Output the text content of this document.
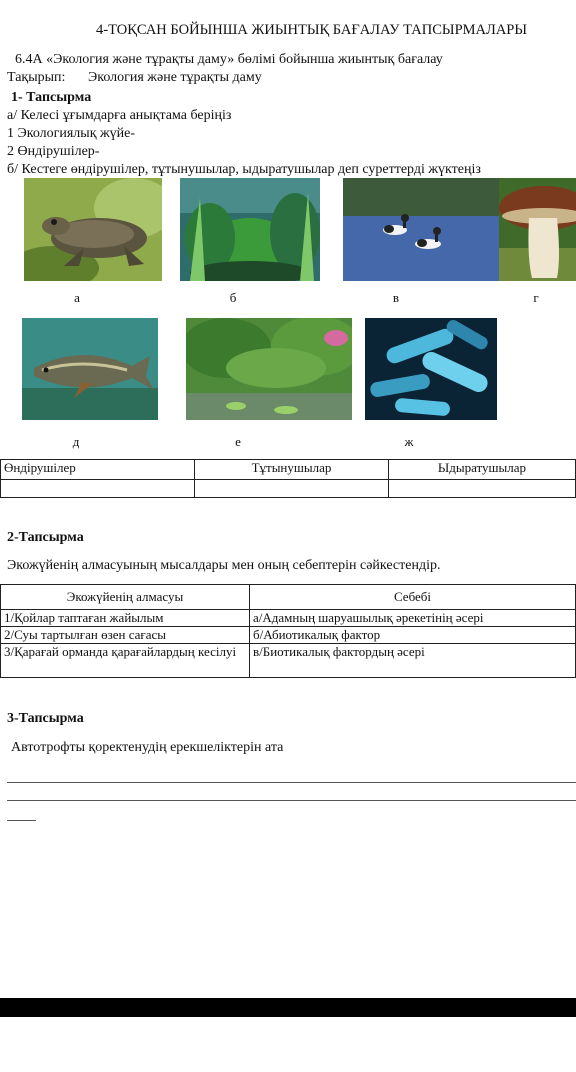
4-ТОҚСАН БОЙЫНША ЖИЫНТЫҚ БАҒАЛАУ ТАПСЫРМАЛАРЫ
6.4А «Экология және тұрақты даму» бөлімі бойынша жиынтық бағалау
Тақырып: Экология және тұрақты даму
1- Тапсырма
а/ Келесі ұғымдарға анықтама беріңіз
1 Экологиялық жүйе-
2 Өндірушілер-
б/ Кестеге өндірушілер, тұтынушылар, ыдыратушылар деп суреттерді жүктеңіз
а	б	в	г
д	е	ж
Өндірушілер	Тұтынушылар	Ыдыратушылар

2-Тапсырма
Экожүйенің алмасуының мысалдары мен оның себептерін сәйкестендір.
Экожүйенің алмасуы	Себебі
1/Қойлар таптаған жайылым	а/Адамның шаруашылық әрекетінің әсері
2/Суы тартылған өзен сағасы	б/Абиотикалық фактор
3/Қарағай орманда қарағайлардың кесілуі	в/Биотикалық фактордың әсері
3-Тапсырма
Автотрофты қоректенудің ерекшеліктерін ата
